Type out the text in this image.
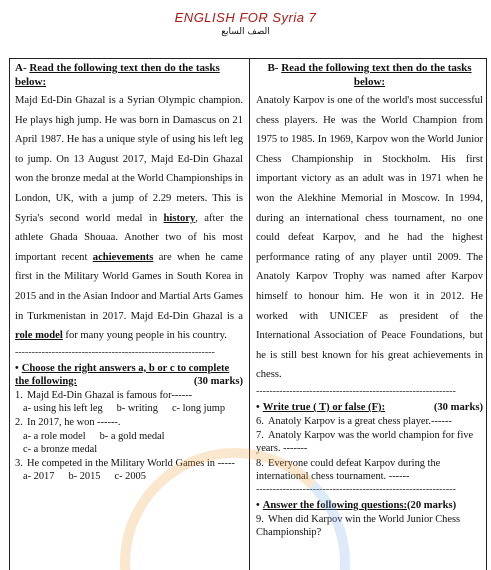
ENGLISH FOR Syria 7
الصف السابع
A- Read the following text then do the tasks below:
Majd Ed-Din Ghazal is a Syrian Olympic champion. He plays high jump. He was born in Damascus on 21 April 1987. He has a unique style of using his left leg to jump. On 13 August 2017, Majd Ed-Din Ghazal won the bronze medal at the World Championships in London, UK, with a jump of 2.29 meters. This is Syria's second world medal in history, after the athlete Ghada Shouaa. Another two of his most important recent achievements are when he came first in the Military World Games in South Korea in 2015 and in the Asian Indoor and Martial Arts Games in Turkmenistan in 2017. Majd Ed-Din Ghazal is a role model for many young people in his country.
------------------------------------------------------------
• Choose the right answers a, b or c to complete the following:	(30 marks)
1. Majd Ed-Din Ghazal is famous for------
a- using his left leg b- writing c- long jump
2. In 2017, he won ------.
a- a role model b- a gold medal
c- a bronze medal
3. He competed in the Military World Games in -----
a- 2017 b- 2015 c- 2005
B- Read the following text then do the tasks below:
Anatoly Karpov is one of the world's most successful chess players. He was the World Champion from 1975 to 1985. In 1969, Karpov won the World Junior Chess Championship in Stockholm. His first important victory as an adult was in 1971 when he won the Alekhine Memorial in Moscow. In 1994, during an international chess tournament, no one could defeat Karpov, and he had the highest performance rating of any player until 2009. The Anatoly Karpov Trophy was named after Karpov himself to honour him. He won it in 2012. He worked with UNICEF as president of the International Association of Peace Foundations, but he is still best known for his great achievements in chess.
------------------------------------------------------------
• Write true ( T) or false (F):	(30 marks)
6. Anatoly Karpov is a great chess player.------
7. Anatoly Karpov was the world champion for five years. -------
8. Everyone could defeat Karpov during the international chess tournament. ------
------------------------------------------------------------
• Answer the following questions:(20 marks)
9. When did Karpov win the World Junior Chess Championship?
